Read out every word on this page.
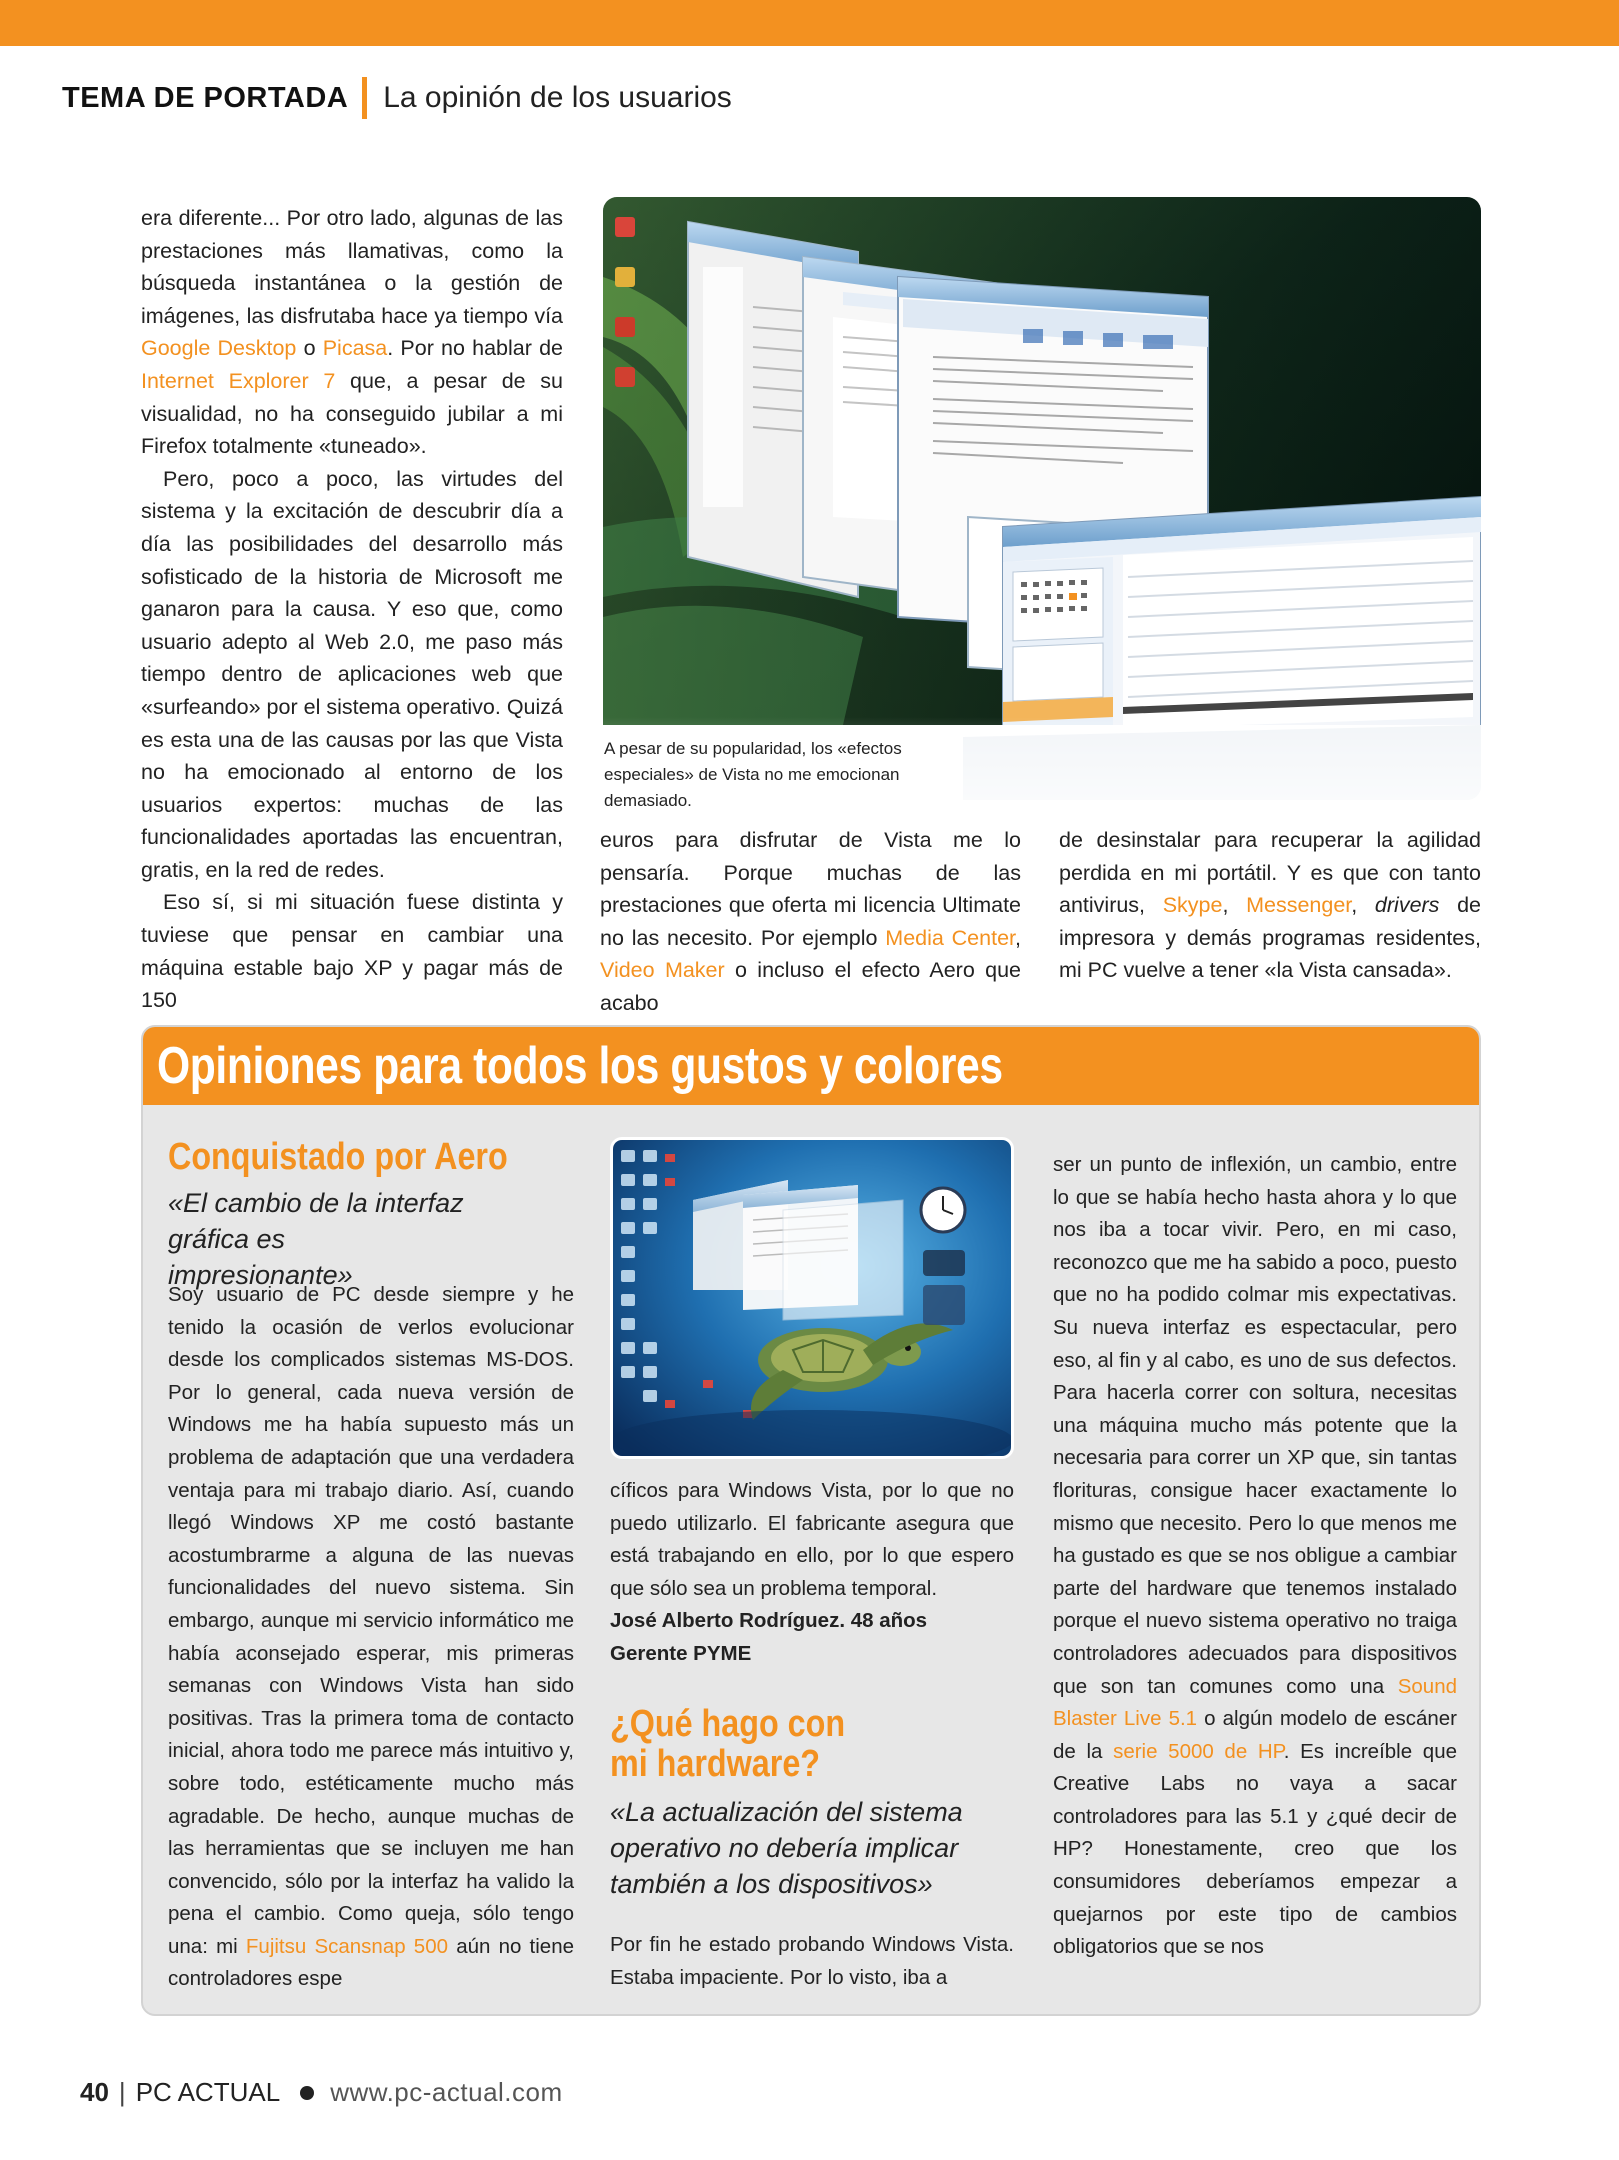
TEMA DE PORTADA La opinión de los usuarios

era diferente... Por otro lado, algunas de las prestaciones más llamativas, como la búsqueda instantánea o la gestión de imágenes, las disfrutaba hace ya tiempo vía Google Desktop o Picasa. Por no hablar de Internet Explorer 7 que, a pesar de su visualidad, no ha conseguido jubilar a mi Firefox totalmente «tuneado».

Pero, poco a poco, las virtudes del sistema y la excitación de descubrir día a día las posibilidades del desarrollo más sofisticado de la historia de Microsoft me ganaron para la causa. Y eso que, como usuario adepto al Web 2.0, me paso más tiempo dentro de aplicaciones web que «surfeando» por el sistema operativo. Quizá es esta una de las causas por las que Vista no ha emocionado al entorno de los usuarios expertos: muchas de las funcionalidades aportadas las encuentran, gratis, en la red de redes.

Eso sí, si mi situación fuese distinta y tuviese que pensar en cambiar una máquina estable bajo XP y pagar más de 150

A pesar de su popularidad, los «efectos especiales» de Vista no me emocionan demasiado.

euros para disfrutar de Vista me lo pensaría. Porque muchas de las prestaciones que oferta mi licencia Ultimate no las necesito. Por ejemplo Media Center, Video Maker o incluso el efecto Aero que acabo

de desinstalar para recuperar la agilidad perdida en mi portátil. Y es que con tanto antivirus, Skype, Messenger, drivers de impresora y demás programas residentes, mi PC vuelve a tener «la Vista cansada».

Opiniones para todos los gustos y colores
Conquistado por Aero
«El cambio de la interfaz gráfica es impresionante»

Soy usuario de PC desde siempre y he tenido la ocasión de verlos evolucionar desde los complicados sistemas MS-DOS. Por lo general, cada nueva versión de Windows me ha había supuesto más un problema de adaptación que una verdadera ventaja para mi trabajo diario. Así, cuando llegó Windows XP me costó bastante acostumbrarme a alguna de las nuevas funcionalidades del nuevo sistema. Sin embargo, aunque mi servicio informático me había aconsejado esperar, mis primeras semanas con Windows Vista han sido positivas. Tras la primera toma de contacto inicial, ahora todo me parece más intuitivo y, sobre todo, estéticamente mucho más agradable. De hecho, aunque muchas de las herramientas que se incluyen me han convencido, sólo por la interfaz ha valido la pena el cambio. Como queja, sólo tengo una: mi Fujitsu Scansnap 500 aún no tiene controladores espe

cíficos para Windows Vista, por lo que no puedo utilizarlo. El fabricante asegura que está trabajando en ello, por lo que espero que sólo sea un problema temporal.

José Alberto Rodríguez. 48 años

Gerente PYME

¿Qué hago con mi hardware?
«La actualización del sistema operativo no debería implicar también a los dispositivos»

Por fin he estado probando Windows Vista. Estaba impaciente. Por lo visto, iba a

ser un punto de inflexión, un cambio, entre lo que se había hecho hasta ahora y lo que nos iba a tocar vivir. Pero, en mi caso, reconozco que me ha sabido a poco, puesto que no ha podido colmar mis expectativas. Su nueva interfaz es espectacular, pero eso, al fin y al cabo, es uno de sus defectos. Para hacerla correr con soltura, necesitas una máquina mucho más potente que la necesaria para correr un XP que, sin tantas florituras, consigue hacer exactamente lo mismo que necesito. Pero lo que menos me ha gustado es que se nos obligue a cambiar parte del hardware que tenemos instalado porque el nuevo sistema operativo no traiga controladores adecuados para dispositivos que son tan comunes como una Sound Blaster Live 5.1 o algún modelo de escáner de la serie 5000 de HP. Es increíble que Creative Labs no vaya a sacar controladores para las 5.1 y ¿qué decir de HP? Honestamente, creo que los consumidores deberíamos empezar a quejarnos por este tipo de cambios obligatorios que se nos

40 | PC ACTUAL www.pc-actual.com
